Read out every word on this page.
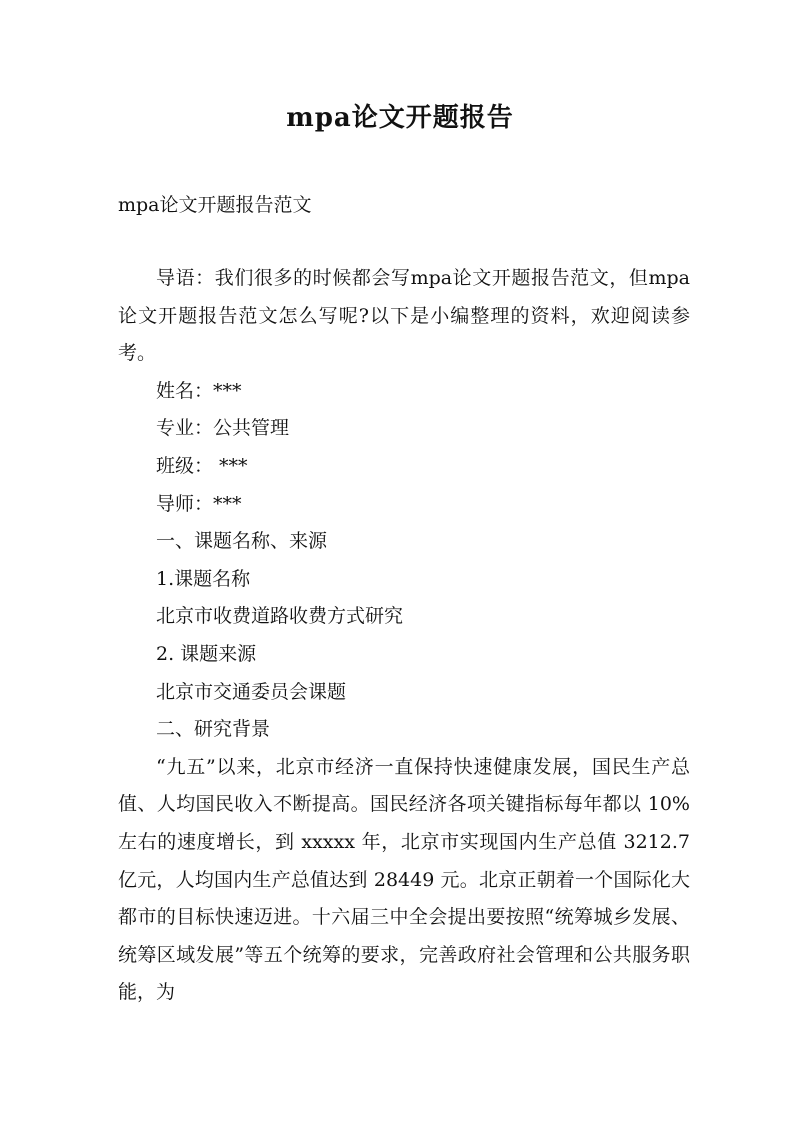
mpa论文开题报告
mpa论文开题报告范文

导语：我们很多的时候都会写mpa论文开题报告范文，但mpa论文开题报告范文怎么写呢?以下是小编整理的资料，欢迎阅读参考。

姓名：***
专业：公共管理
班级： ***
导师：***
一、课题名称、来源
1.课题名称
北京市收费道路收费方式研究
2. 课题来源
北京市交通委员会课题
二、研究背景

“九五”以来，北京市经济一直保持快速健康发展，国民生产总值、人均国民收入不断提高。国民经济各项关键指标每年都以 10% 左右的速度增长，到 xxxxx 年，北京市实现国内生产总值 3212.7 亿元，人均国内生产总值达到 28449 元。北京正朝着一个国际化大都市的目标快速迈进。十六届三中全会提出要按照“统筹城乡发展、统筹区域发展”等五个统筹的要求，完善政府社会管理和公共服务职能，为
